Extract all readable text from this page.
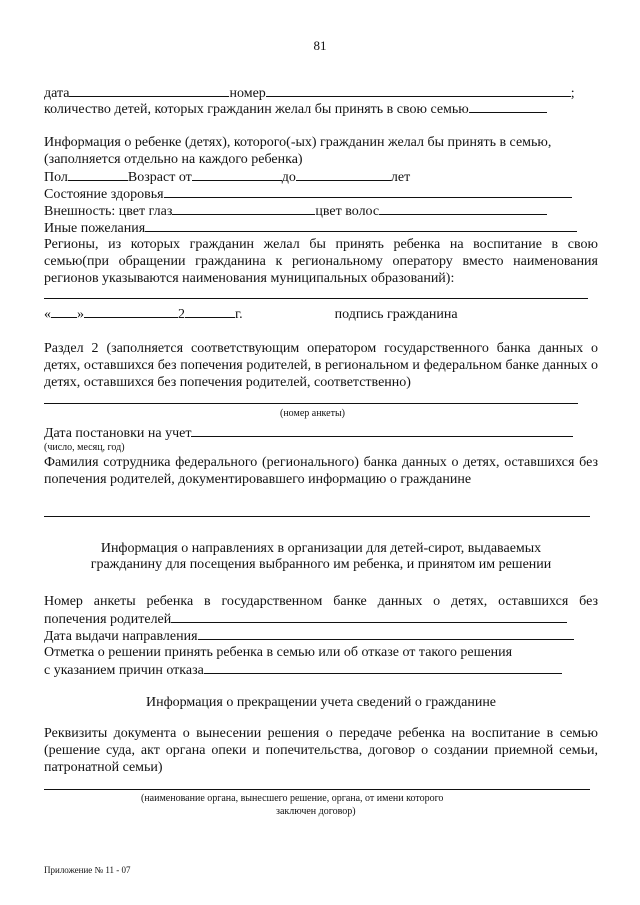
81
дата	номер	;
количество детей, которых гражданин желал бы принять в свою семью
Информация о ребенке (детях), которого(-ых) гражданин желал бы принять в семью,
(заполняется отдельно на каждого ребенка)
Пол	Возраст от	до	лет
Состояние здоровья
Внешность: цвет глаз	цвет волос
Иные пожелания
Регионы, из которых гражданин желал бы принять ребенка на воспитание в свою семью(при обращении гражданина к региональному оператору вместо наименования регионов указываются наименования муниципальных образований):
« »	2	г.	подпись гражданина
Раздел 2 (заполняется соответствующим оператором государственного банка данных о детях, оставшихся без попечения родителей, в региональном и федеральном банке данных о детях, оставшихся без попечения родителей, соответственно)
(номер анкеты)
Дата постановки на учет
(число, месяц, год)
Фамилия сотрудника федерального (регионального) банка данных о детях, оставшихся без попечения родителей, документировавшего информацию о гражданине
Информация о направлениях в организации для детей-сирот, выдаваемых
гражданину для посещения выбранного им ребенка, и принятом им решении
Номер анкеты ребенка в государственном банке данных о детях, оставшихся без
попечения родителей
Дата выдачи направления
Отметка о решении принять ребенка в семью или об отказе от такого решения
с указанием причин отказа
Информация о прекращении учета сведений о гражданине
Реквизиты документа о вынесении решения о передаче ребенка на воспитание в семью (решение суда, акт органа опеки и попечительства, договор о создании приемной семьи, патронатной семьи)
(наименование органа, вынесшего решение, органа, от имени которого
заключен договор)
Приложение № 11 - 07
